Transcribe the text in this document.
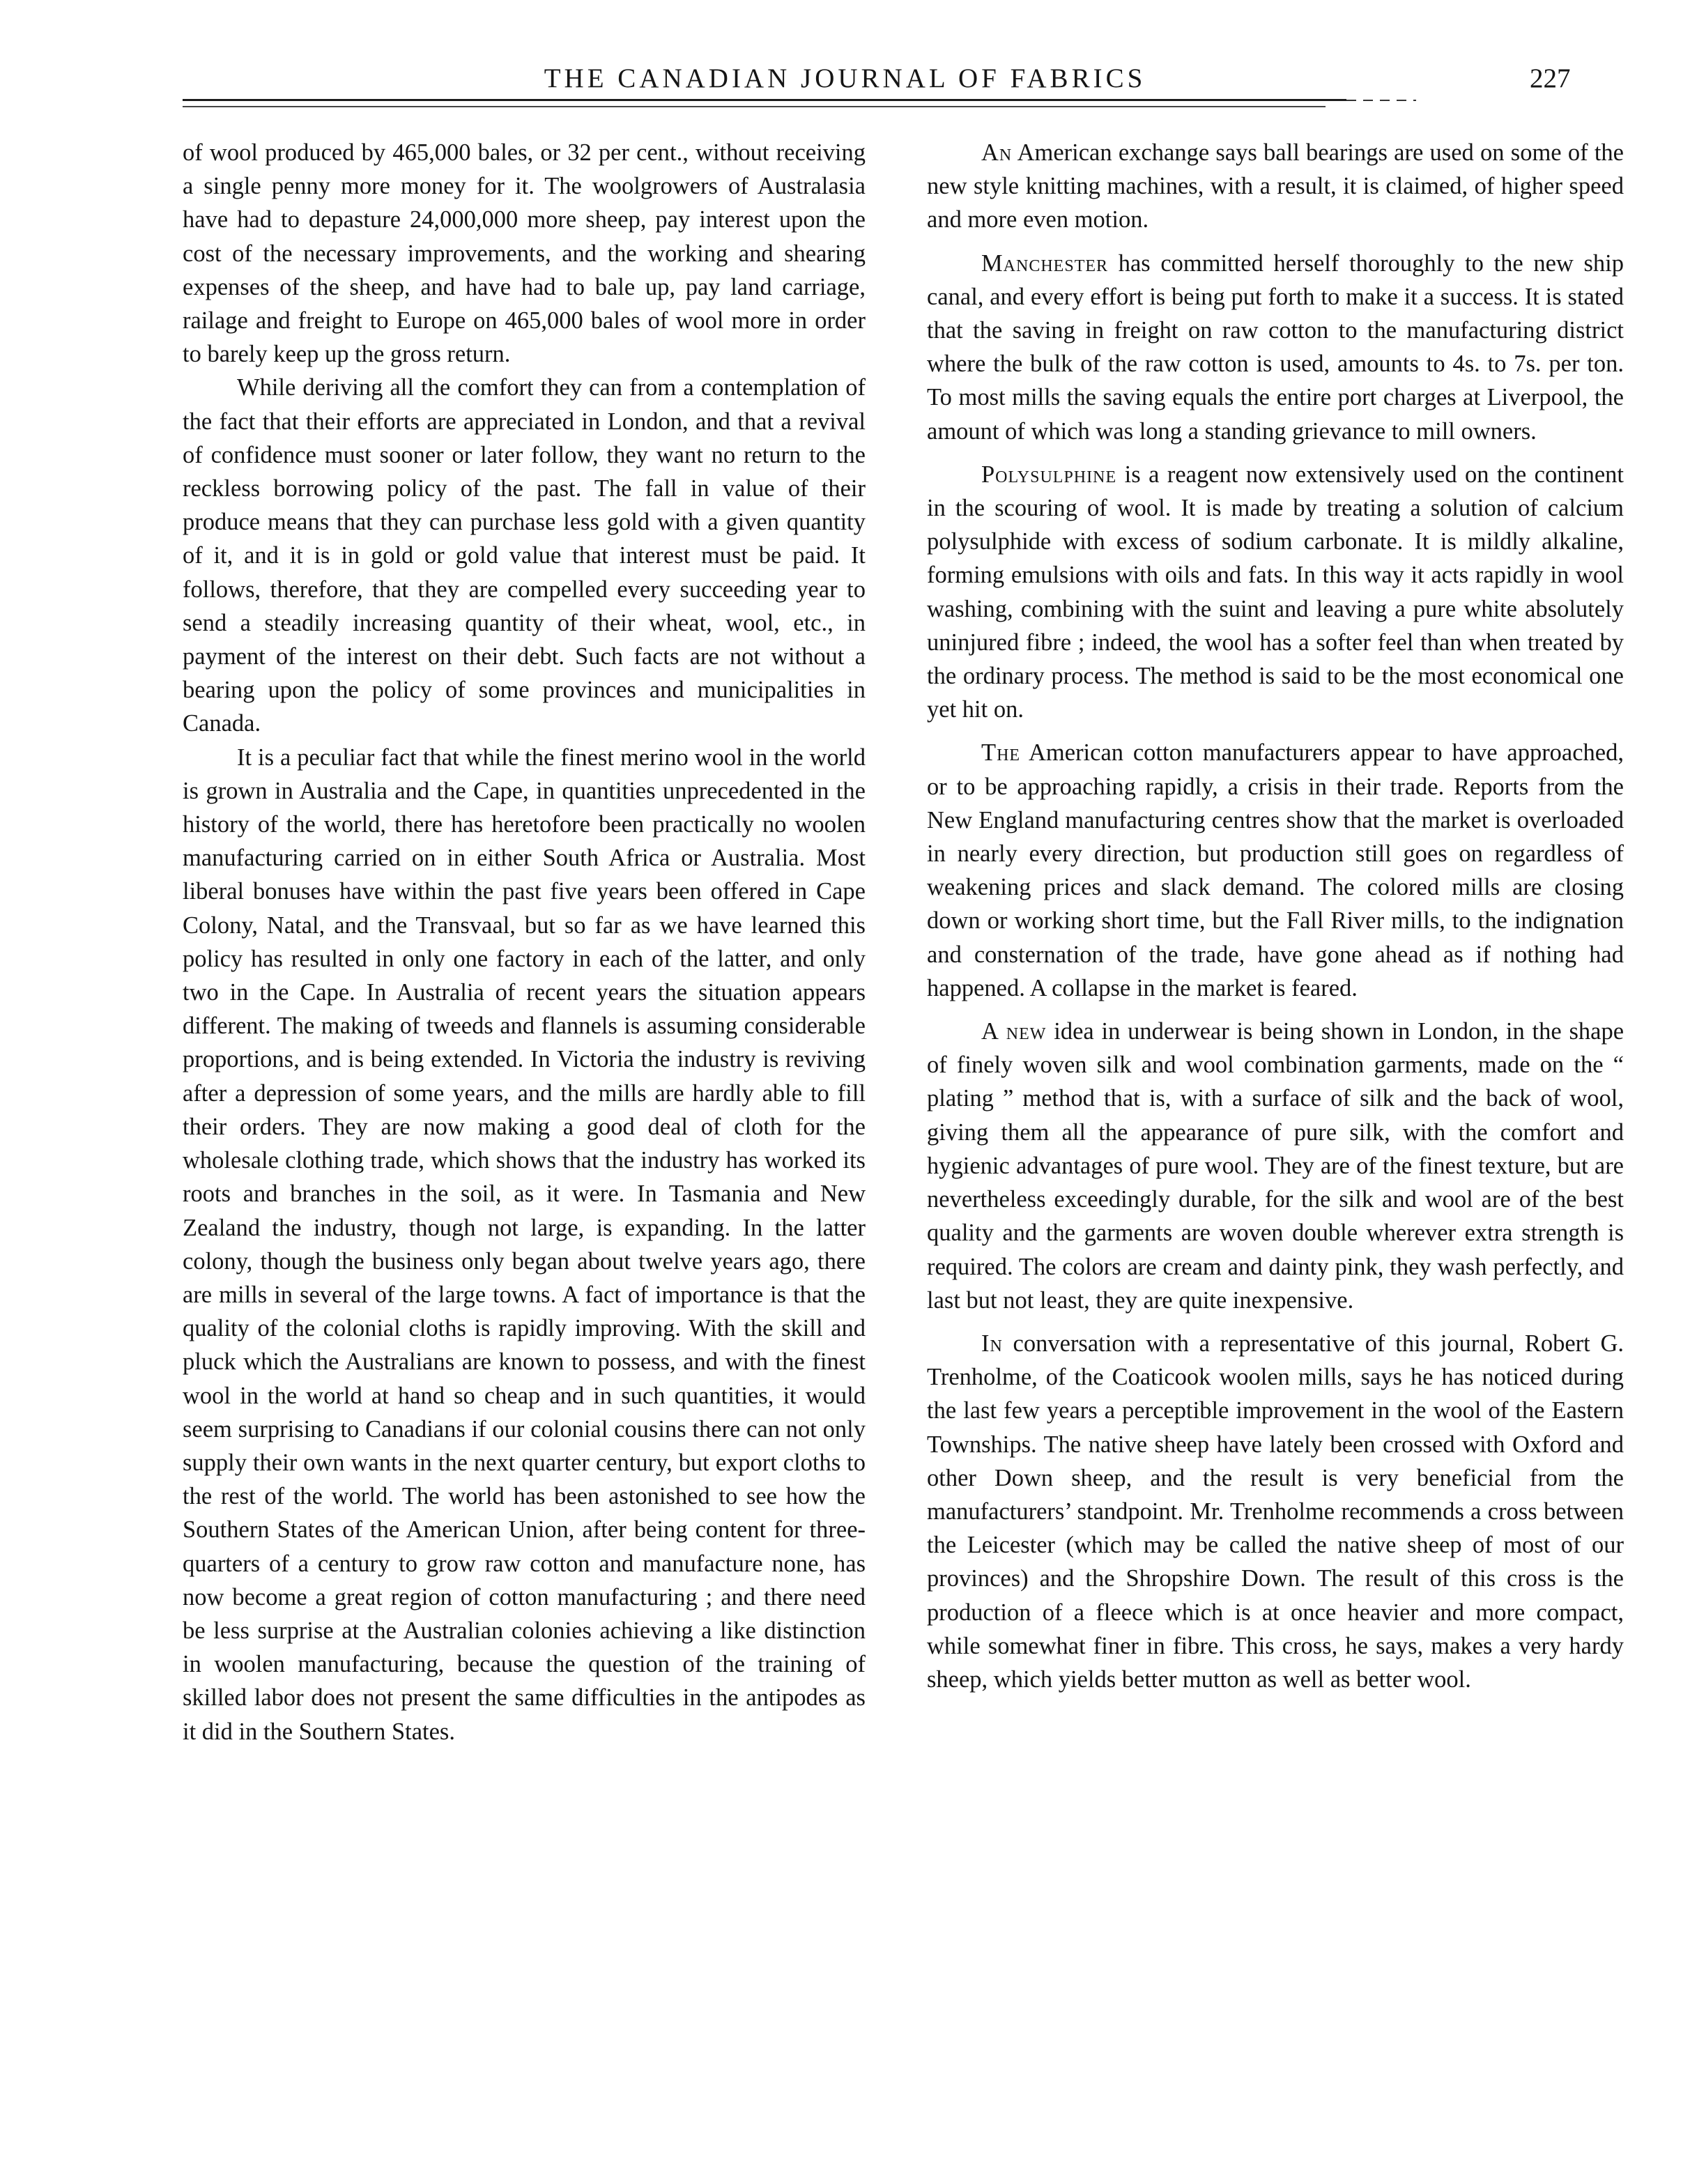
THE CANADIAN JOURNAL OF FABRICS	227

of wool produced by 465,000 bales, or 32 per cent., without receiving a single penny more money for it. The woolgrowers of Australasia have had to depasture 24,000,000 more sheep, pay interest upon the cost of the necessary improvements, and the working and shearing expenses of the sheep, and have had to bale up, pay land carriage, railage and freight to Europe on 465,000 bales of wool more in order to barely keep up the gross return.

While deriving all the comfort they can from a contemplation of the fact that their efforts are appreciated in London, and that a revival of confidence must sooner or later follow, they want no return to the reckless borrowing policy of the past. The fall in value of their produce means that they can purchase less gold with a given quantity of it, and it is in gold or gold value that interest must be paid. It follows, therefore, that they are compelled every succeeding year to send a steadily increasing quantity of their wheat, wool, etc., in payment of the interest on their debt. Such facts are not without a bearing upon the policy of some provinces and municipalities in Canada.

It is a peculiar fact that while the finest merino wool in the world is grown in Australia and the Cape, in quantities unprecedented in the history of the world, there has heretofore been practically no woolen manufacturing carried on in either South Africa or Australia. Most liberal bonuses have within the past five years been offered in Cape Colony, Natal, and the Transvaal, but so far as we have learned this policy has resulted in only one factory in each of the latter, and only two in the Cape. In Australia of recent years the situation appears different. The making of tweeds and flannels is assuming considerable proportions, and is being extended. In Victoria the industry is reviving after a depression of some years, and the mills are hardly able to fill their orders. They are now making a good deal of cloth for the wholesale clothing trade, which shows that the industry has worked its roots and branches in the soil, as it were. In Tasmania and New Zealand the industry, though not large, is expanding. In the latter colony, though the business only began about twelve years ago, there are mills in several of the large towns. A fact of importance is that the quality of the colonial cloths is rapidly improving. With the skill and pluck which the Australians are known to possess, and with the finest wool in the world at hand so cheap and in such quantities, it would seem surprising to Canadians if our colonial cousins there can not only supply their own wants in the next quarter century, but export cloths to the rest of the world. The world has been astonished to see how the Southern States of the American Union, after being content for three-quarters of a century to grow raw cotton and manufacture none, has now become a great region of cotton manufacturing ; and there need be less surprise at the Australian colonies achieving a like distinction in woolen manufacturing, because the question of the training of skilled labor does not present the same difficulties in the antipodes as it did in the Southern States.

An American exchange says ball bearings are used on some of the new style knitting machines, with a result, it is claimed, of higher speed and more even motion.

Manchester has committed herself thoroughly to the new ship canal, and every effort is being put forth to make it a success. It is stated that the saving in freight on raw cotton to the manufacturing district where the bulk of the raw cotton is used, amounts to 4s. to 7s. per ton. To most mills the saving equals the entire port charges at Liverpool, the amount of which was long a standing grievance to mill owners.

Polysulphine is a reagent now extensively used on the continent in the scouring of wool. It is made by treating a solution of calcium polysulphide with excess of sodium carbonate. It is mildly alkaline, forming emulsions with oils and fats. In this way it acts rapidly in wool washing, combining with the suint and leaving a pure white absolutely uninjured fibre ; indeed, the wool has a softer feel than when treated by the ordinary process. The method is said to be the most economical one yet hit on.

The American cotton manufacturers appear to have approached, or to be approaching rapidly, a crisis in their trade. Reports from the New England manufacturing centres show that the market is overloaded in nearly every direction, but production still goes on regardless of weakening prices and slack demand. The colored mills are closing down or working short time, but the Fall River mills, to the indignation and consternation of the trade, have gone ahead as if nothing had happened. A collapse in the market is feared.

A new idea in underwear is being shown in London, in the shape of finely woven silk and wool combination garments, made on the “ plating ” method that is, with a surface of silk and the back of wool, giving them all the appearance of pure silk, with the comfort and hygienic advantages of pure wool. They are of the finest texture, but are nevertheless exceedingly durable, for the silk and wool are of the best quality and the garments are woven double wherever extra strength is required. The colors are cream and dainty pink, they wash perfectly, and last but not least, they are quite inexpensive.

In conversation with a representative of this journal, Robert G. Trenholme, of the Coaticook woolen mills, says he has noticed during the last few years a perceptible improvement in the wool of the Eastern Townships. The native sheep have lately been crossed with Oxford and other Down sheep, and the result is very beneficial from the manufacturers’ standpoint. Mr. Trenholme recommends a cross between the Leicester (which may be called the native sheep of most of our provinces) and the Shropshire Down. The result of this cross is the production of a fleece which is at once heavier and more compact, while somewhat finer in fibre. This cross, he says, makes a very hardy sheep, which yields better mutton as well as better wool.
